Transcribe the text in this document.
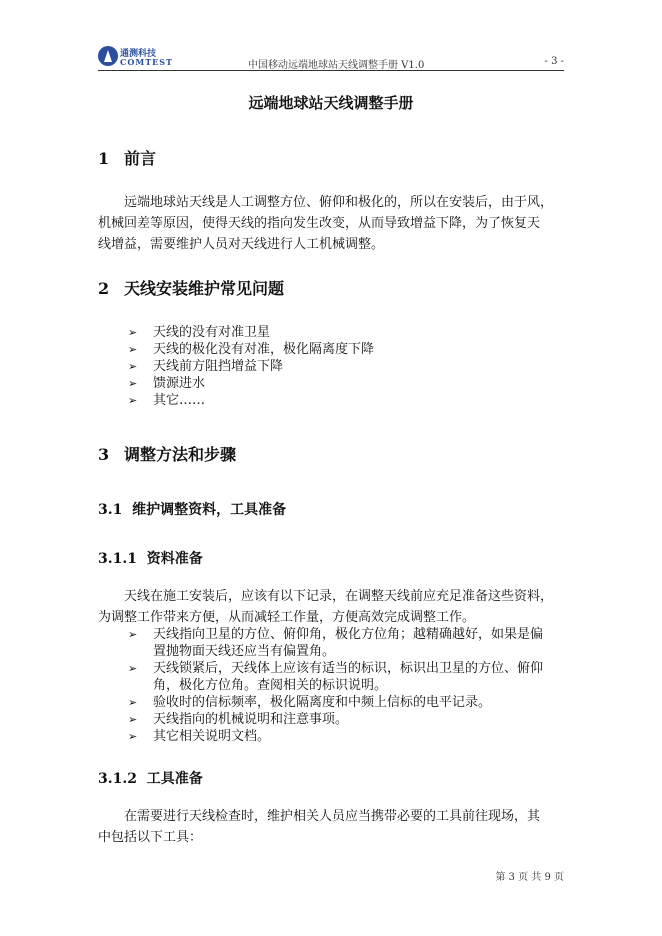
通测科技
COMTEST	中国移动远端地球站天线调整手册 V1.0	- 3 -
远端地球站天线调整手册
1 前言
　　远端地球站天线是人工调整方位、俯仰和极化的，所以在安装后，由于风，
机械回差等原因，使得天线的指向发生改变，从而导致增益下降，为了恢复天
线增益，需要维护人员对天线进行人工机械调整。
2 天线安装维护常见问题
➢ 天线的没有对准卫星
➢ 天线的极化没有对准，极化隔离度下降
➢ 天线前方阻挡增益下降
➢ 馈源进水
➢ 其它……
3 调整方法和步骤
3.1 维护调整资料，工具准备
3.1.1 资料准备
　　天线在施工安装后，应该有以下记录，在调整天线前应充足准备这些资料，
为调整工作带来方便，从而减轻工作量，方便高效完成调整工作。
➢ 天线指向卫星的方位、俯仰角，极化方位角；越精确越好，如果是偏
置抛物面天线还应当有偏置角。
➢ 天线锁紧后，天线体上应该有适当的标识，标识出卫星的方位、俯仰
角，极化方位角。查阅相关的标识说明。
➢ 验收时的信标频率，极化隔离度和中频上信标的电平记录。
➢ 天线指向的机械说明和注意事项。
➢ 其它相关说明文档。
3.1.2 工具准备
　　在需要进行天线检查时，维护相关人员应当携带必要的工具前往现场，其
中包括以下工具：
第 3 页 共 9 页
